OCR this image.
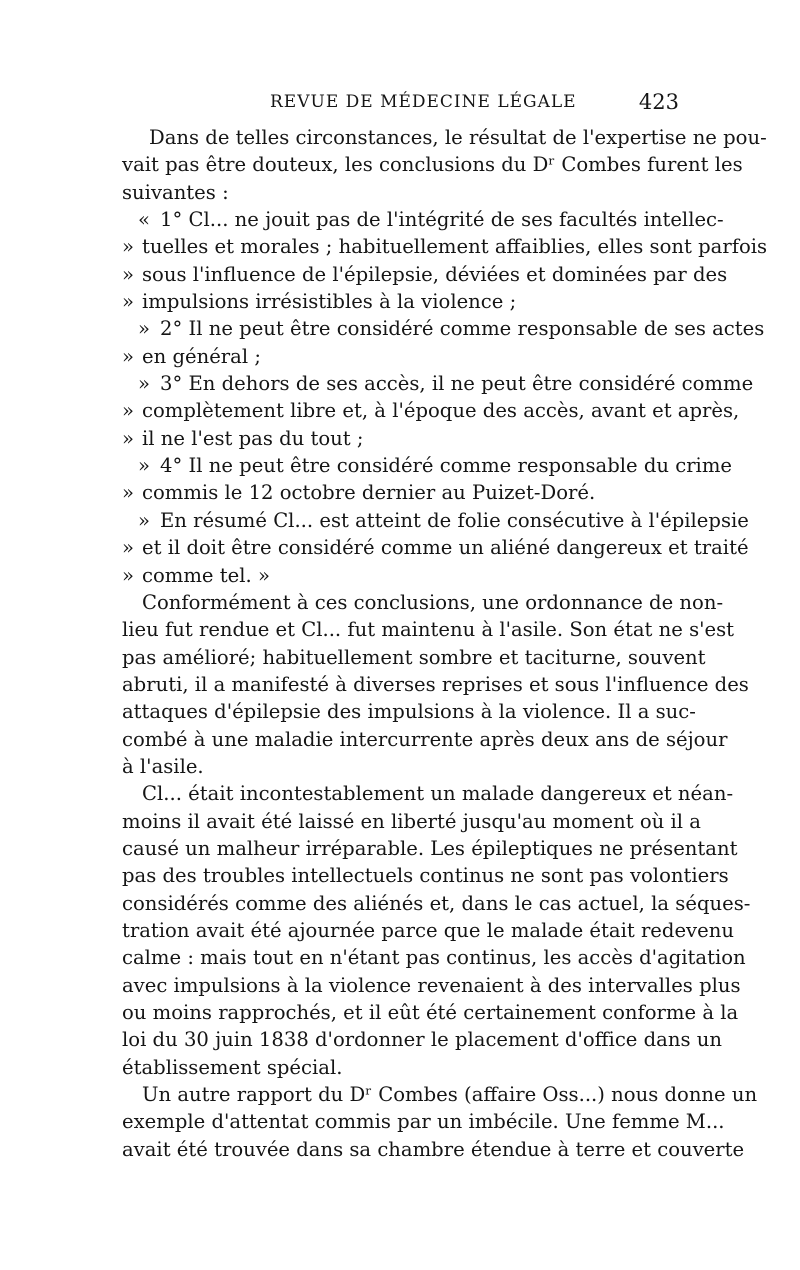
REVUE DE MÉDECINE LÉGALE	423
Dans de telles circonstances, le résultat de l'expertise ne pou-
vait pas être douteux, les conclusions du Dʳ Combes furent les
suivantes :
« 1° Cl... ne jouit pas de l'intégrité de ses facultés intellec-
» tuelles et morales ; habituellement affaiblies, elles sont parfois
» sous l'influence de l'épilepsie, déviées et dominées par des
» impulsions irrésistibles à la violence ;
» 2° Il ne peut être considéré comme responsable de ses actes
» en général ;
» 3° En dehors de ses accès, il ne peut être considéré comme
» complètement libre et, à l'époque des accès, avant et après,
» il ne l'est pas du tout ;
» 4° Il ne peut être considéré comme responsable du crime
» commis le 12 octobre dernier au Puizet-Doré.
» En résumé Cl... est atteint de folie consécutive à l'épilepsie
» et il doit être considéré comme un aliéné dangereux et traité
» comme tel. »
Conformément à ces conclusions, une ordonnance de non-
lieu fut rendue et Cl... fut maintenu à l'asile. Son état ne s'est
pas amélioré; habituellement sombre et taciturne, souvent
abruti, il a manifesté à diverses reprises et sous l'influence des
attaques d'épilepsie des impulsions à la violence. Il a suc-
combé à une maladie intercurrente après deux ans de séjour
à l'asile.
Cl... était incontestablement un malade dangereux et néan-
moins il avait été laissé en liberté jusqu'au moment où il a
causé un malheur irréparable. Les épileptiques ne présentant
pas des troubles intellectuels continus ne sont pas volontiers
considérés comme des aliénés et, dans le cas actuel, la séques-
tration avait été ajournée parce que le malade était redevenu
calme : mais tout en n'étant pas continus, les accès d'agitation
avec impulsions à la violence revenaient à des intervalles plus
ou moins rapprochés, et il eût été certainement conforme à la
loi du 30 juin 1838 d'ordonner le placement d'office dans un
établissement spécial.
Un autre rapport du Dʳ Combes (affaire Oss...) nous donne un
exemple d'attentat commis par un imbécile. Une femme M...
avait été trouvée dans sa chambre étendue à terre et couverte
